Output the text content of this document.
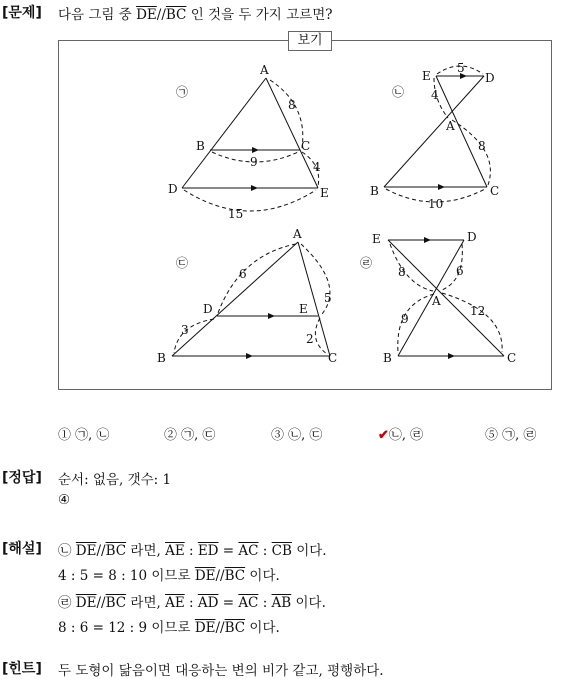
[문제] 다음 그림 중 $\overline{DE}//\overline{BC}$ 인 것을 두 가지 고르면?
보기
㉠
A
B	C
D	E
8
9	4
15
㉡
E	D
A
B	C
5
4
8
10
㉢
A
D	E
B	C
6
3
5
2
㉣
E	D
A
B	C
8	6
9
12
① ㉠, ㉡	② ㉠, ㉢	③ ㉡, ㉢	✔㉡, ㉣	⑤ ㉠, ㉣
[정답] 순서: 없음, 갯수: 1
④
[해설] ㉡ $\overline{DE}//\overline{BC}$ 라면, $\overline{AE}$ : $\overline{ED} = \overline{AC}$ : $\overline{CB}$ 이다.
4 : 5 = 8 : 10 이므로 $\overline{DE}//\overline{BC}$ 이다.
㉣ $\overline{DE}//\overline{BC}$ 라면, $\overline{AE}$ : $\overline{AD} = \overline{AC}$ : $\overline{AB}$ 이다.
8 : 6 = 12 : 9 이므로 $\overline{DE}//\overline{BC}$ 이다.
[힌트] 두 도형이 닮음이면 대응하는 변의 비가 같고, 평행하다.
